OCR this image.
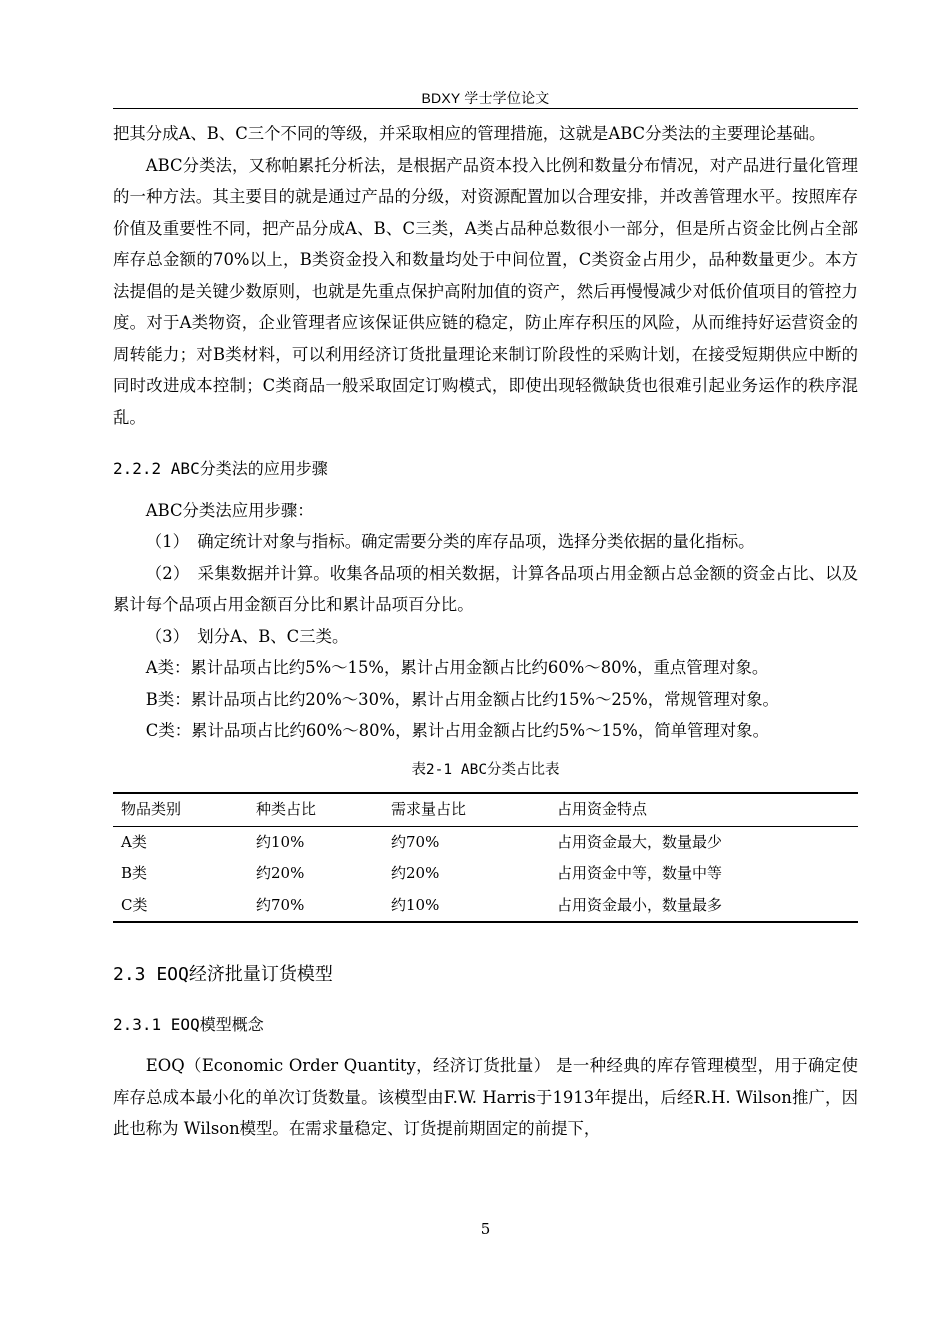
BDXY 学士学位论文

把其分成A、B、C三个不同的等级，并采取相应的管理措施，这就是ABC分类法的主要理论基础。

ABC分类法，又称帕累托分析法，是根据产品资本投入比例和数量分布情况，对产品进行量化管理的一种方法。其主要目的就是通过产品的分级，对资源配置加以合理安排，并改善管理水平。按照库存价值及重要性不同，把产品分成A、B、C三类，A类占品种总数很小一部分，但是所占资金比例占全部库存总金额的70%以上，B类资金投入和数量均处于中间位置，C类资金占用少，品种数量更少。本方法提倡的是关键少数原则，也就是先重点保护高附加值的资产，然后再慢慢减少对低价值项目的管控力度。对于A类物资，企业管理者应该保证供应链的稳定，防止库存积压的风险，从而维持好运营资金的周转能力；对B类材料，可以利用经济订货批量理论来制订阶段性的采购计划，在接受短期供应中断的同时改进成本控制；C类商品一般采取固定订购模式，即使出现轻微缺货也很难引起业务运作的秩序混乱。

2.2.2 ABC分类法的应用步骤

ABC分类法应用步骤：

（1）　确定统计对象与指标。确定需要分类的库存品项，选择分类依据的量化指标。

（2）　采集数据并计算。收集各品项的相关数据，计算各品项占用金额占总金额的资金占比、以及累计每个品项占用金额百分比和累计品项百分比。

（3）　划分A、B、C三类。

A类：累计品项占比约5%～15%，累计占用金额占比约60%～80%，重点管理对象。

B类：累计品项占比约20%～30%，累计占用金额占比约15%～25%，常规管理对象。

C类：累计品项占比约60%～80%，累计占用金额占比约5%～15%，简单管理对象。

表2-1 ABC分类占比表
物品类别	种类占比	需求量占比	占用资金特点
A类	约10%	约70%	占用资金最大，数量最少
B类	约20%	约20%	占用资金中等，数量中等
C类	约70%	约10%	占用资金最小，数量最多
2.3 EOQ经济批量订货模型
2.3.1 EOQ模型概念

EOQ（Economic Order Quantity，经济订货批量） 是一种经典的库存管理模型，用于确定使库存总成本最小化的单次订货数量。该模型由F.W. Harris于1913年提出，后经R.H. Wilson推广，因此也称为 Wilson模型。在需求量稳定、订货提前期固定的前提下，

5
